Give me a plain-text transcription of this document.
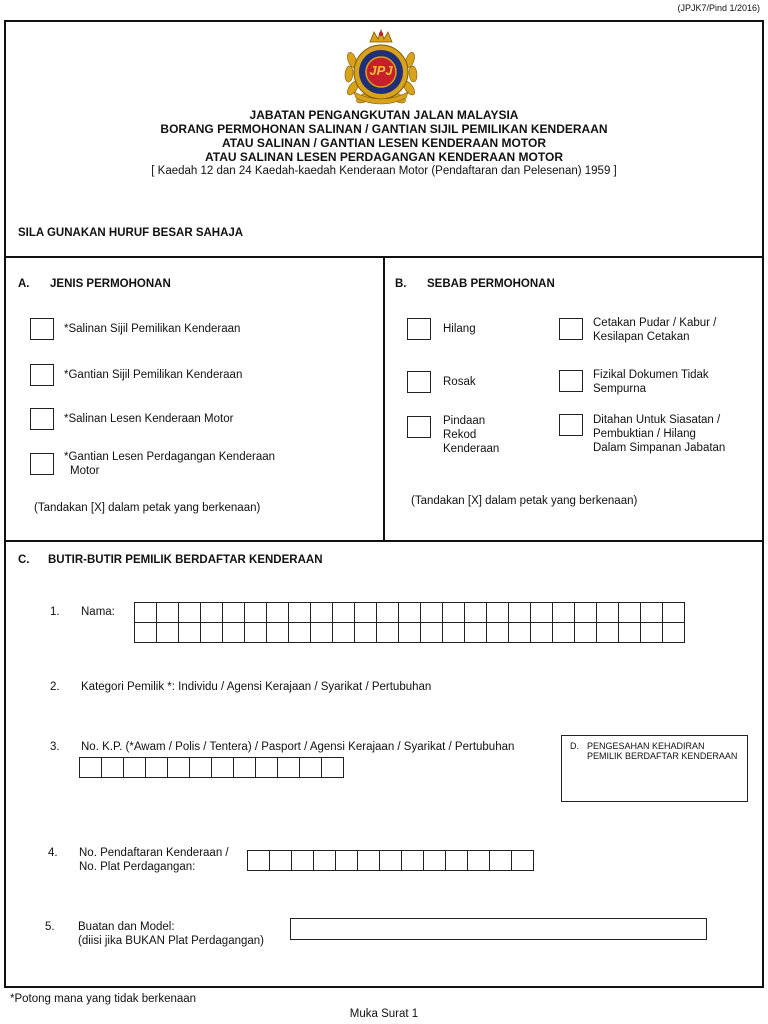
(JPJK7/Pind 1/2016)
JPJ
JABATAN PENGANGKUTAN JALAN MALAYSIA
BORANG PERMOHONAN SALINAN / GANTIAN SIJIL PEMILIKAN KENDERAAN
ATAU SALINAN / GANTIAN LESEN KENDERAAN MOTOR
ATAU SALINAN LESEN PERDAGANGAN KENDERAAN MOTOR
[ Kaedah 12 dan 24 Kaedah-kaedah Kenderaan Motor (Pendaftaran dan Pelesenan) 1959 ]
SILA GUNAKAN HURUF BESAR SAHAJA
A. JENIS PERMOHONAN
*Salinan Sijil Pemilikan Kenderaan
*Gantian Sijil Pemilikan Kenderaan
*Salinan Lesen Kenderaan Motor
*Gantian Lesen Perdagangan Kenderaan
Motor
(Tandakan [X] dalam petak yang berkenaan)
B. SEBAB PERMOHONAN
Hilang
Rosak
Pindaan
Rekod
Kenderaan
Cetakan Pudar / Kabur /
Kesilapan Cetakan
Fizikal Dokumen Tidak
Sempurna
Ditahan Untuk Siasatan /
Pembuktian / Hilang
Dalam Simpanan Jabatan
(Tandakan [X] dalam petak yang berkenaan)
C. BUTIR-BUTIR PEMILIK BERDAFTAR KENDERAAN
1. Nama:
2. Kategori Pemilik *: Individu / Agensi Kerajaan / Syarikat / Pertubuhan
3. No. K.P. (*Awam / Polis / Tentera) / Pasport / Agensi Kerajaan / Syarikat / Pertubuhan	D. PENGESAHAN KEHADIRAN
PEMILIK BERDAFTAR KENDERAAN
4. No. Pendaftaran Kenderaan /
No. Plat Perdagangan:
5. Buatan dan Model:
(diisi jika BUKAN Plat Perdagangan)
*Potong mana yang tidak berkenaan
Muka Surat 1
